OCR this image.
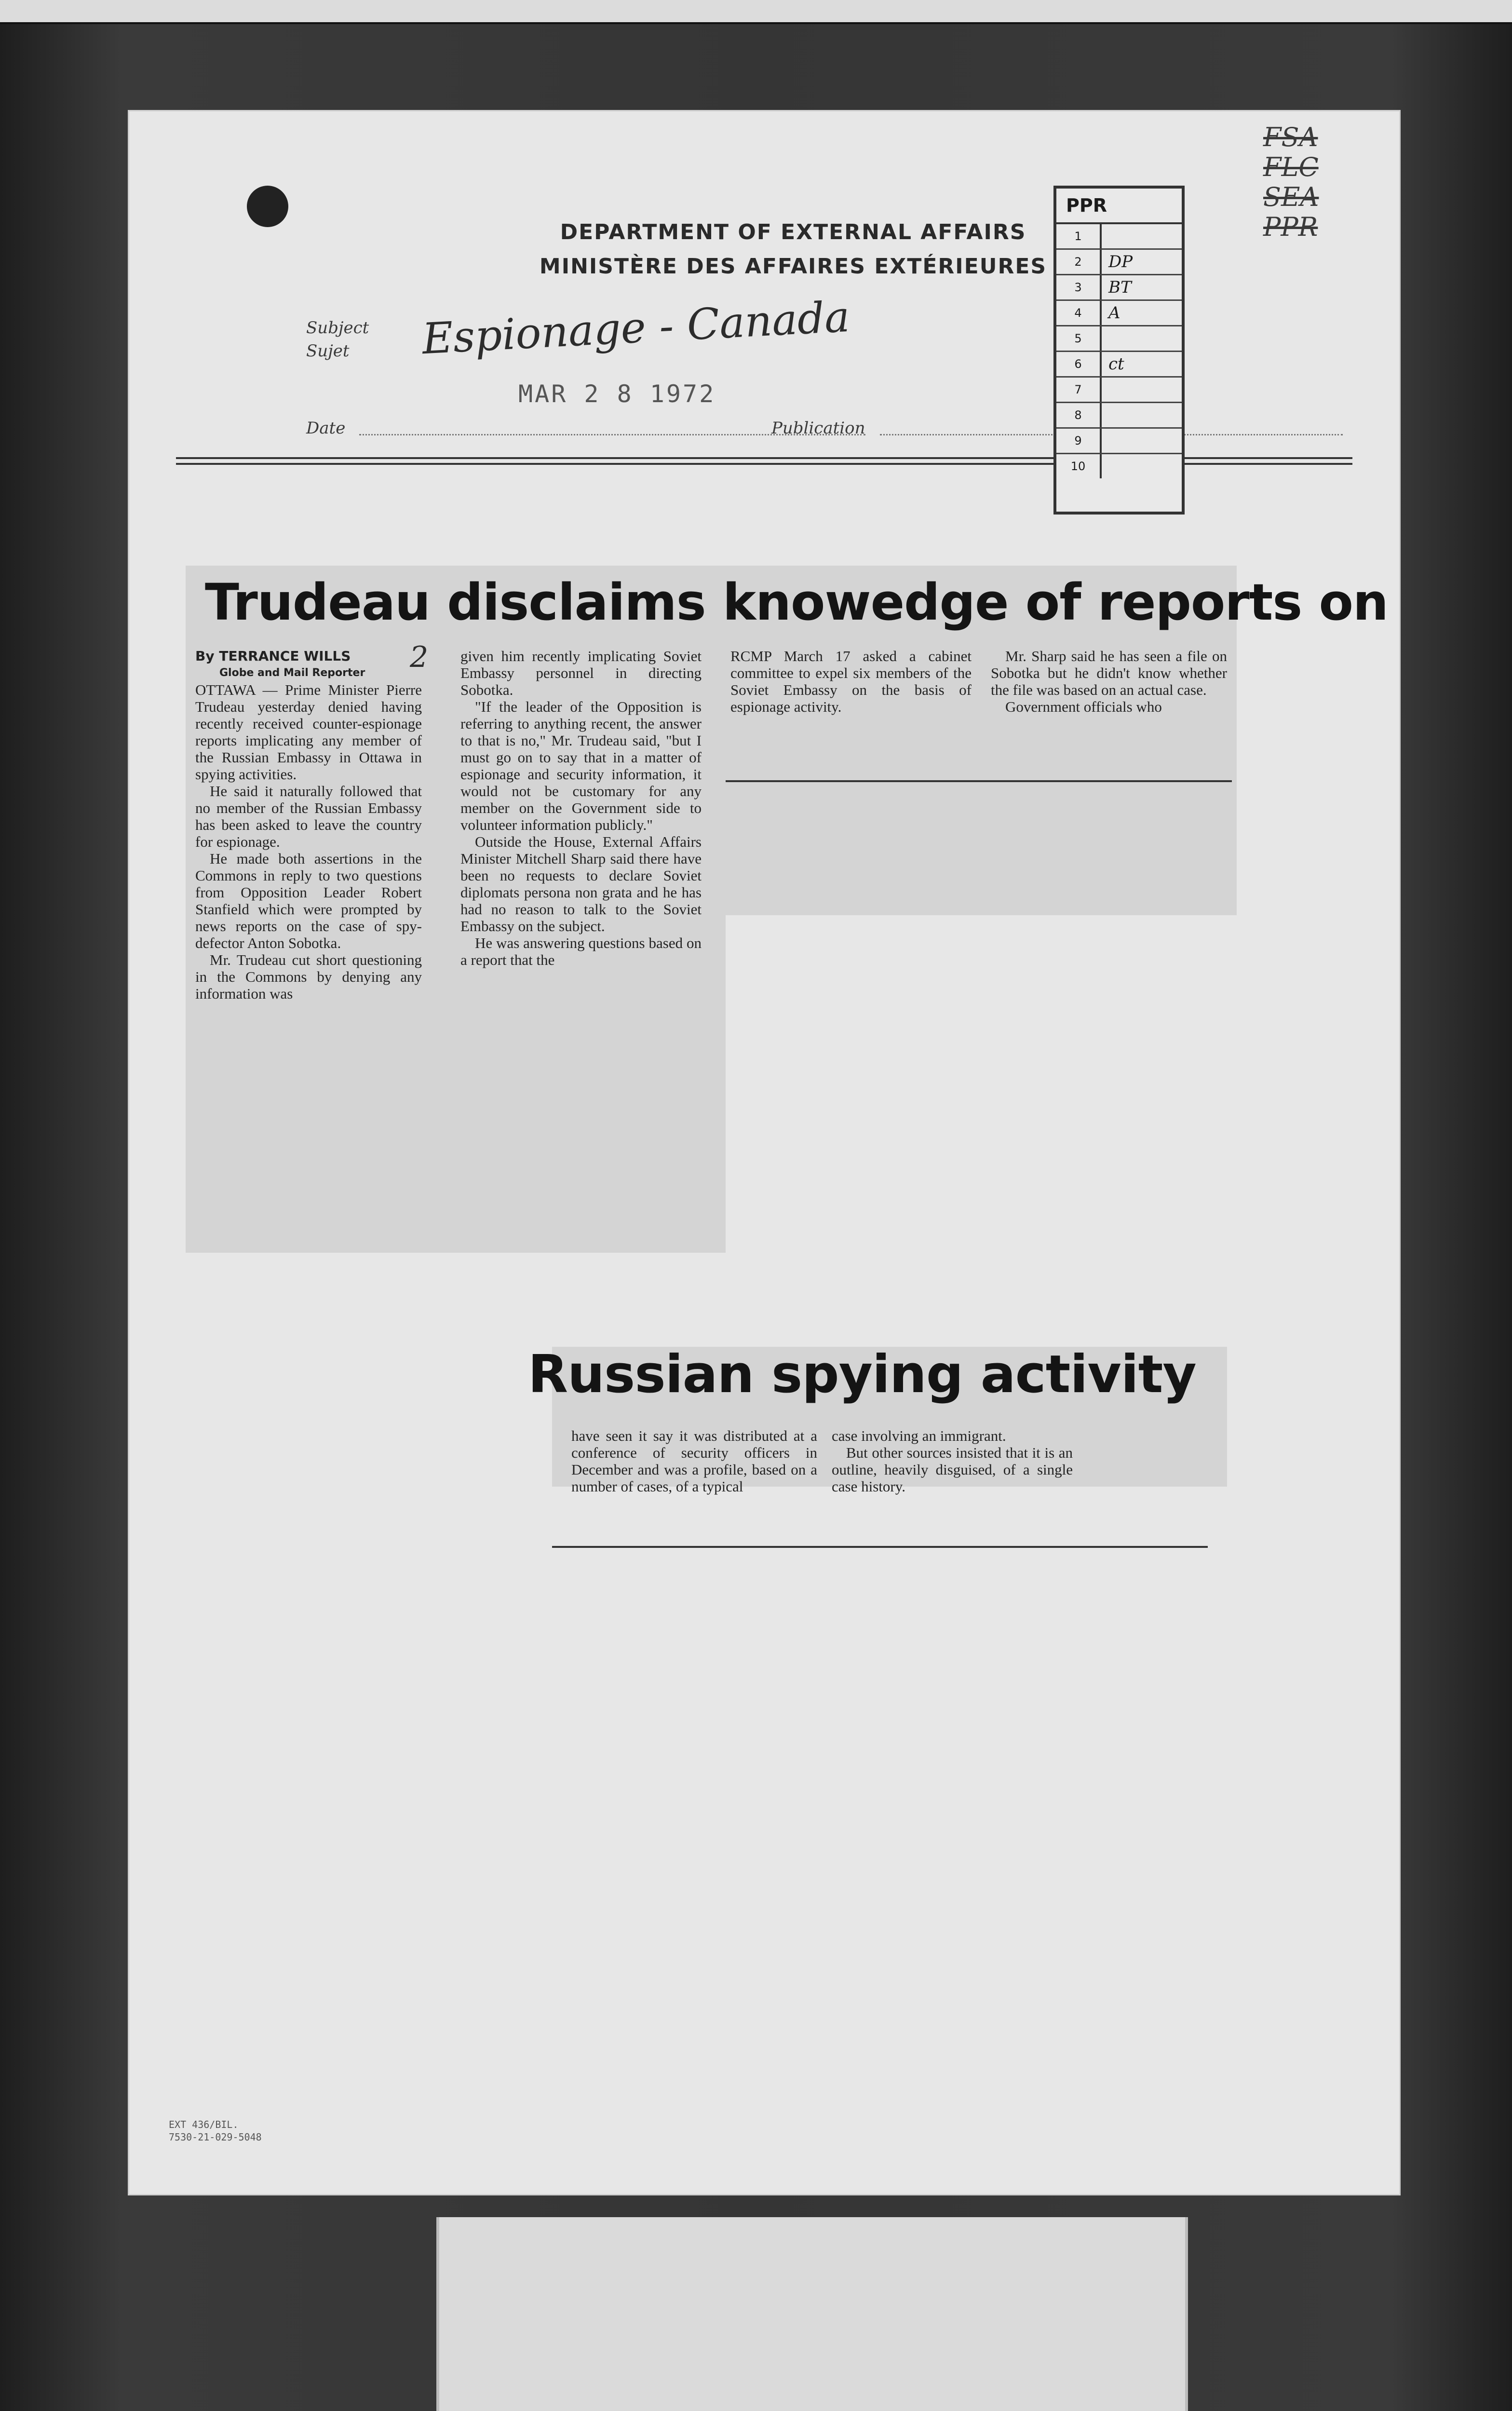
DEPARTMENT OF EXTERNAL AFFAIRS
MINISTÈRE DES AFFAIRES EXTÉRIEURES
Subject
Sujet Espionage - Canada
MAR 2 8 1972
Date	Publication
PPR
1
2	DP
3	BT
4	A
5
6	ct
7
8
9
10
FSA
FLC
SEA
PPR
Trudeau disclaims knowedge of reports on
By TERRANCE WILLS
Globe and Mail Reporter

OTTAWA — Prime Minister Pierre Trudeau yesterday denied having recently received counter-espionage reports implicating any member of the Russian Embassy in Ottawa in spying activities.

He said it naturally followed that no member of the Russian Embassy has been asked to leave the country for espionage.

He made both assertions in the Commons in reply to two questions from Opposition Leader Robert Stanfield which were prompted by news reports on the case of spy-defector Anton Sobotka.

Mr. Trudeau cut short questioning in the Commons by denying any information was

2 given him recently implicating Soviet Embassy personnel in directing Sobotka.

"If the leader of the Opposition is referring to anything recent, the answer to that is no," Mr. Trudeau said, "but I must go on to say that in a matter of espionage and security information, it would not be customary for any member on the Government side to volunteer information publicly."

Outside the House, External Affairs Minister Mitchell Sharp said there have been no requests to declare Soviet diplomats persona non grata and he has had no reason to talk to the Soviet Embassy on the subject.

He was answering questions based on a report that the

RCMP March 17 asked a cabinet committee to expel six members of the Soviet Embassy on the basis of espionage activity.

Mr. Sharp said he has seen a file on Sobotka but he didn't know whether the file was based on an actual case.

Government officials who

Russian spying activity

have seen it say it was distributed at a conference of security officers in December and was a profile, based on a number of cases, of a typical

case involving an immigrant.

But other sources insisted that it is an outline, heavily disguised, of a single case history.

EXT 436/BIL.
7530-21-029-5048
